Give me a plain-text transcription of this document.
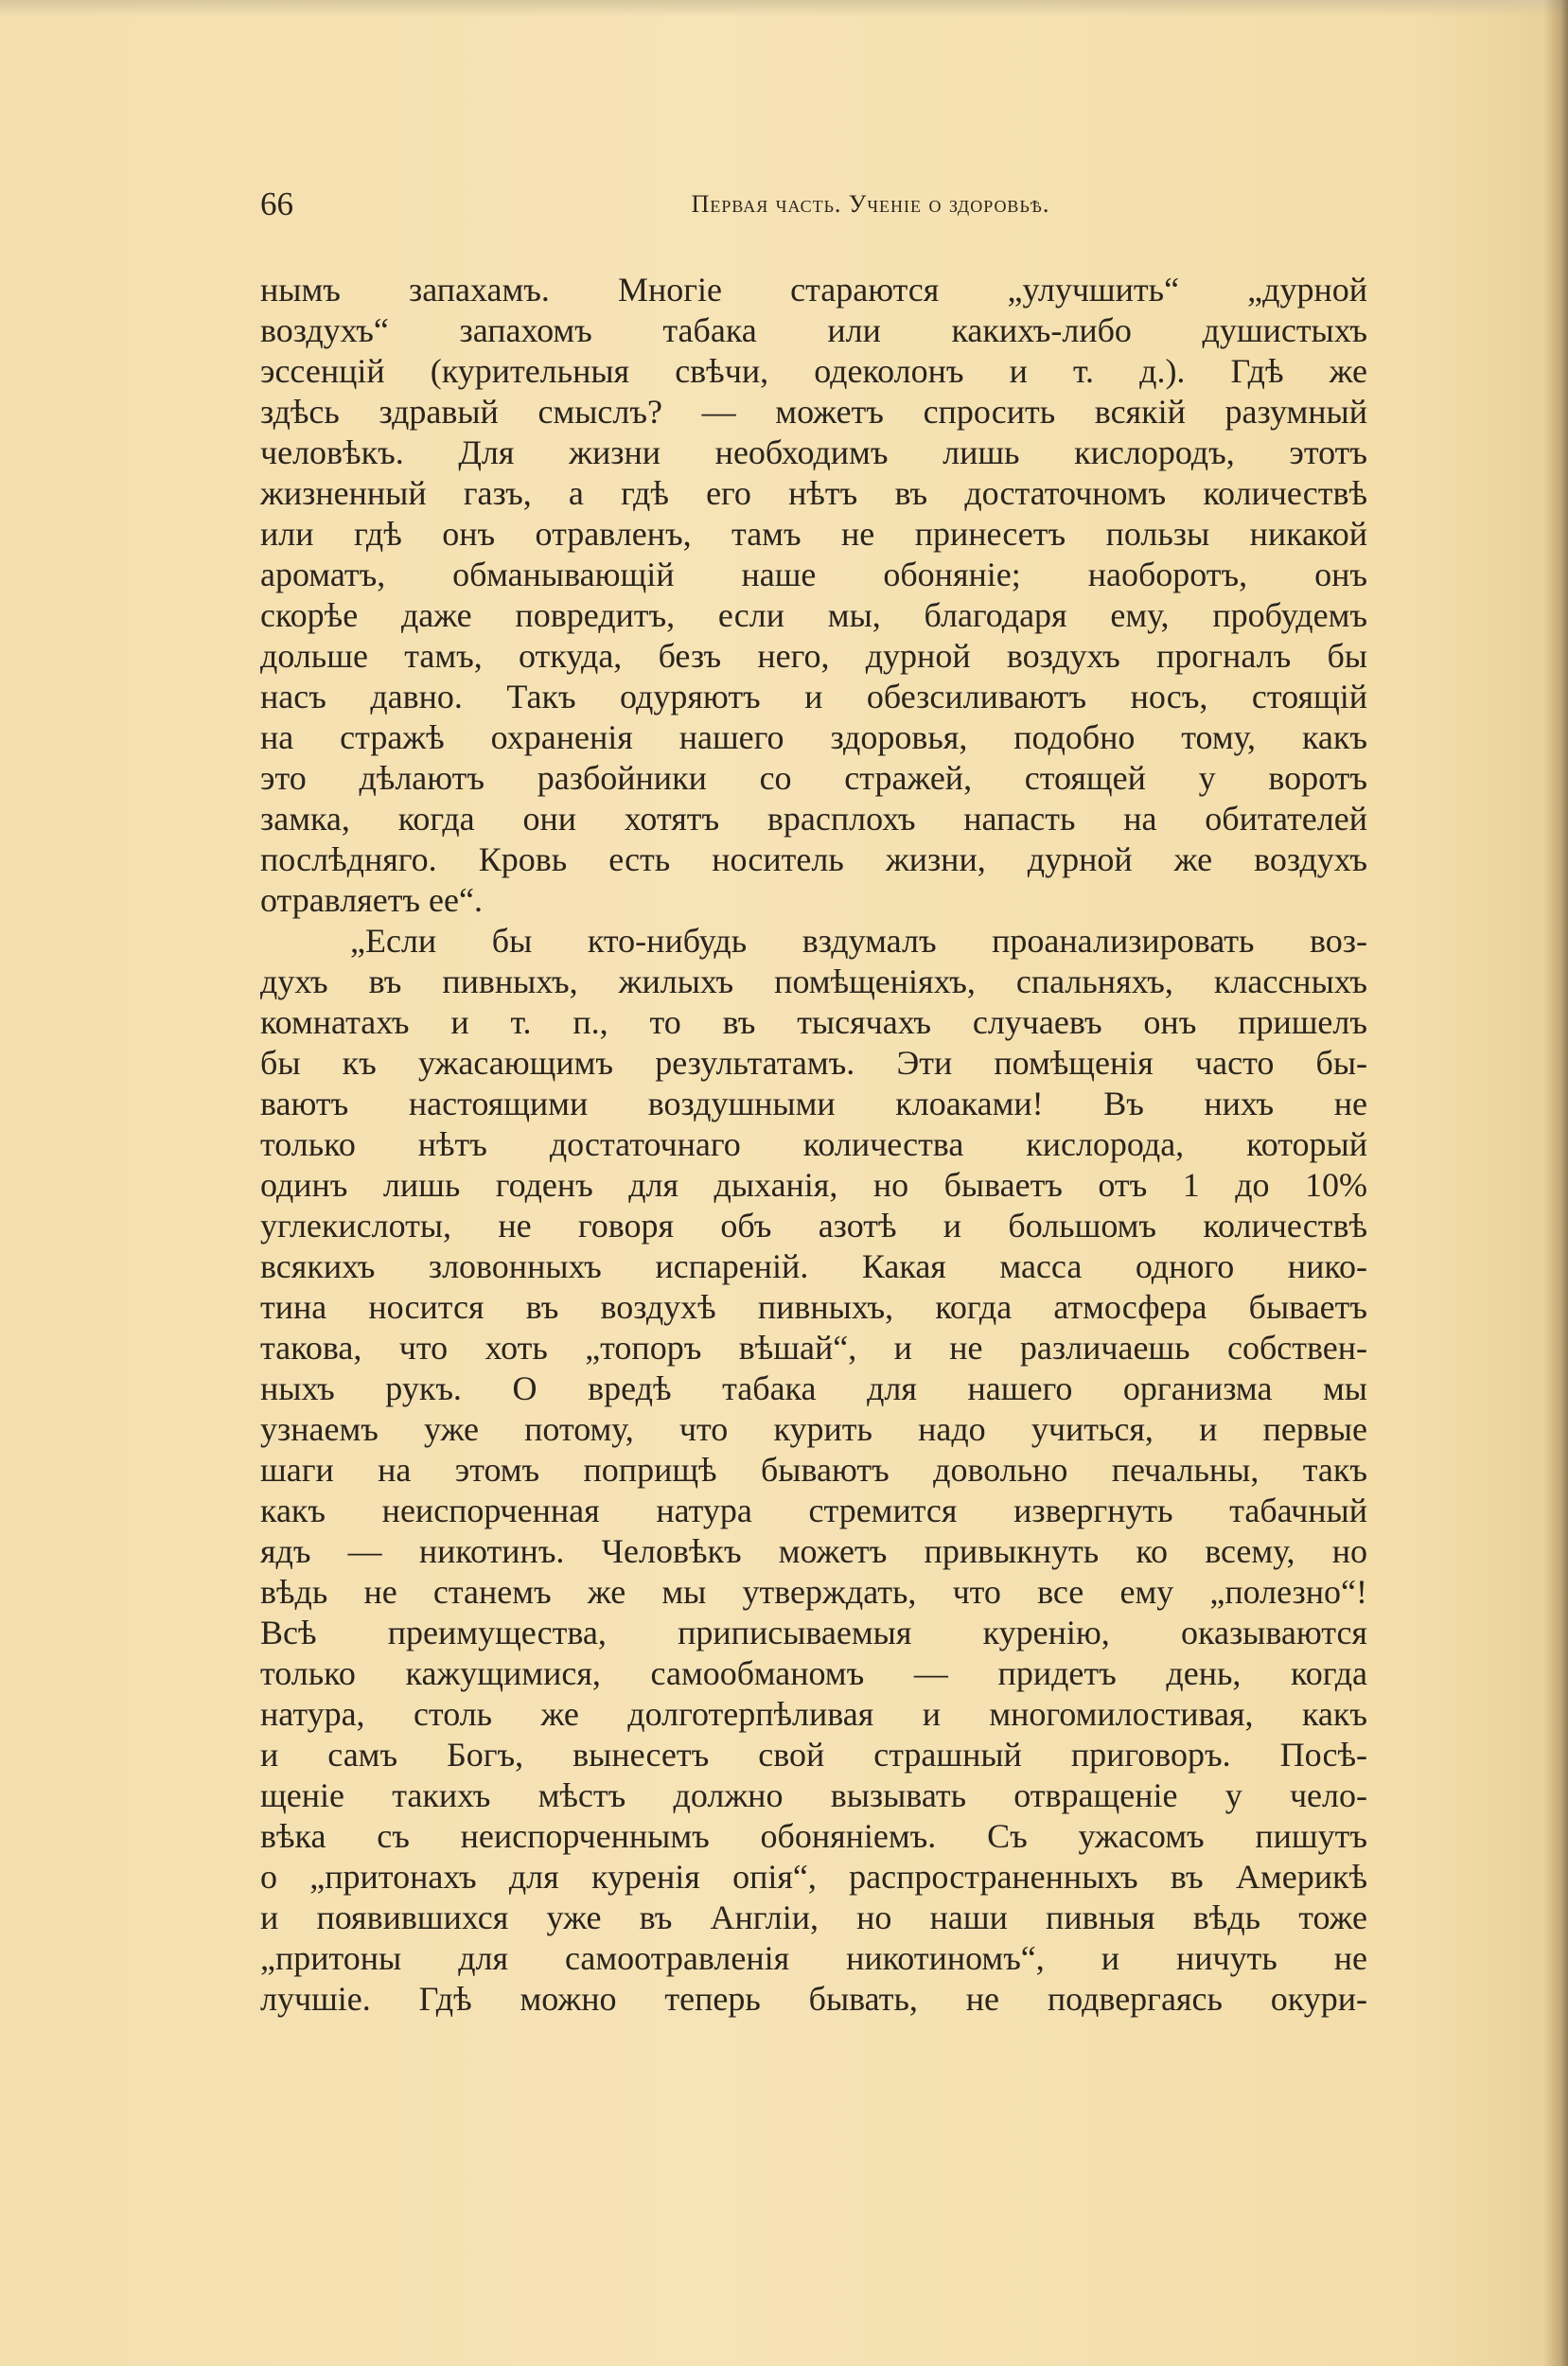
66	Первая часть. Ученіе о здоровьѣ.
нымъ запахамъ. Многіе стараются „улучшить“ „дурной
воздухъ“ запахомъ табака или какихъ-либо душистыхъ
эссенцій (курительныя свѣчи, одеколонъ и т. д.). Гдѣ же
здѣсь здравый смыслъ? — можетъ спросить всякій разумный
человѣкъ. Для жизни необходимъ лишь кислородъ, этотъ
жизненный газъ, а гдѣ его нѣтъ въ достаточномъ количествѣ
или гдѣ онъ отравленъ, тамъ не принесетъ пользы никакой
ароматъ, обманывающій наше обоняніе; наоборотъ, онъ
скорѣе даже повредитъ, если мы, благодаря ему, пробудемъ
дольше тамъ, откуда, безъ него, дурной воздухъ прогналъ бы
насъ давно. Такъ одуряютъ и обезсиливаютъ носъ, стоящій
на стражѣ охраненія нашего здоровья, подобно тому, какъ
это дѣлаютъ разбойники со стражей, стоящей у воротъ
замка, когда они хотятъ врасплохъ напасть на обитателей
послѣдняго. Кровь есть носитель жизни, дурной же воздухъ
отравляетъ ее“.
„Если бы кто-нибудь вздумалъ проанализировать воз-
духъ въ пивныхъ, жилыхъ помѣщеніяхъ, спальняхъ, классныхъ
комнатахъ и т. п., то въ тысячахъ случаевъ онъ пришелъ
бы къ ужасающимъ результатамъ. Эти помѣщенія часто бы-
ваютъ настоящими воздушными клоаками! Въ нихъ не
только нѣтъ достаточнаго количества кислорода, который
одинъ лишь годенъ для дыханія, но бываетъ отъ 1 до 10%
углекислоты, не говоря объ азотѣ и большомъ количествѣ
всякихъ зловонныхъ испареній. Какая масса одного нико-
тина носится въ воздухѣ пивныхъ, когда атмосфера бываетъ
такова, что хоть „топоръ вѣшай“, и не различаешь собствен-
ныхъ рукъ. О вредѣ табака для нашего организма мы
узнаемъ уже потому, что курить надо учиться, и первые
шаги на этомъ поприщѣ бываютъ довольно печальны, такъ
какъ неиспорченная натура стремится извергнуть табачный
ядъ — никотинъ. Человѣкъ можетъ привыкнуть ко всему, но
вѣдь не станемъ же мы утверждать, что все ему „полезно“!
Всѣ преимущества, приписываемыя куренію, оказываются
только кажущимися, самообманомъ — придетъ день, когда
натура, столь же долготерпѣливая и многомилостивая, какъ
и самъ Богъ, вынесетъ свой страшный приговоръ. Посѣ-
щеніе такихъ мѣстъ должно вызывать отвращеніе у чело-
вѣка съ неиспорченнымъ обоняніемъ. Съ ужасомъ пишутъ
о „притонахъ для куренія опія“, распространенныхъ въ Америкѣ
и появившихся уже въ Англіи, но наши пивныя вѣдь тоже
„притоны для самоотравленія никотиномъ“, и ничуть не
лучшіе. Гдѣ можно теперь бывать, не подвергаясь окури-
